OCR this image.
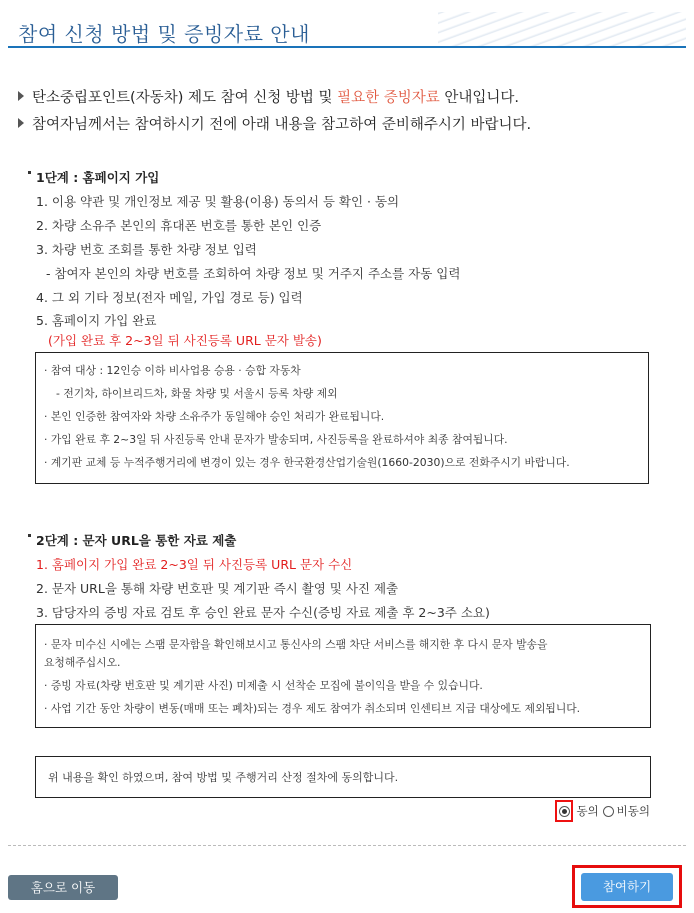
참여 신청 방법 및 증빙자료 안내
탄소중립포인트(자동차) 제도 참여 신청 방법 및 필요한 증빙자료 안내입니다.
참여자님께서는 참여하시기 전에 아래 내용을 참고하여 준비해주시기 바랍니다.
1단계 : 홈페이지 가입
1. 이용 약관 및 개인정보 제공 및 활용(이용) 동의서 등 확인 · 동의
2. 차량 소유주 본인의 휴대폰 번호를 통한 본인 인증
3. 차량 번호 조회를 통한 차량 정보 입력
- 참여자 본인의 차량 번호를 조회하여 차량 정보 및 거주지 주소를 자동 입력
4. 그 외 기타 정보(전자 메일, 가입 경로 등) 입력
5. 홈페이지 가입 완료
(가입 완료 후 2~3일 뒤 사진등록 URL 문자 발송)
· 참여 대상 : 12인승 이하 비사업용 승용 · 승합 자동차
- 전기차, 하이브리드차, 화물 차량 및 서울시 등록 차량 제외
· 본인 인증한 참여자와 차량 소유주가 동일해야 승인 처리가 완료됩니다.
· 가입 완료 후 2~3일 뒤 사진등록 안내 문자가 발송되며, 사진등록을 완료하셔야 최종 참여됩니다.
· 계기판 교체 등 누적주행거리에 변경이 있는 경우 한국환경산업기술원(1660-2030)으로 전화주시기 바랍니다.
2단계 : 문자 URL을 통한 자료 제출
1. 홈페이지 가입 완료 2~3일 뒤 사진등록 URL 문자 수신
2. 문자 URL을 통해 차량 번호판 및 계기판 즉시 촬영 및 사진 제출
3. 담당자의 증빙 자료 검토 후 승인 완료 문자 수신(증빙 자료 제출 후 2~3주 소요)
· 문자 미수신 시에는 스팸 문자함을 확인해보시고 통신사의 스팸 차단 서비스를 해지한 후 다시 문자 발송을
요청해주십시오.
· 증빙 자료(차량 번호판 및 계기판 사진) 미제출 시 선착순 모집에 불이익을 받을 수 있습니다.
· 사업 기간 동안 차량이 변동(매매 또는 폐차)되는 경우 제도 참여가 취소되며 인센티브 지급 대상에도 제외됩니다.
위 내용을 확인 하였으며, 참여 방법 및 주행거리 산정 절차에 동의합니다.
동의 비동의
홈으로 이동	참여하기
